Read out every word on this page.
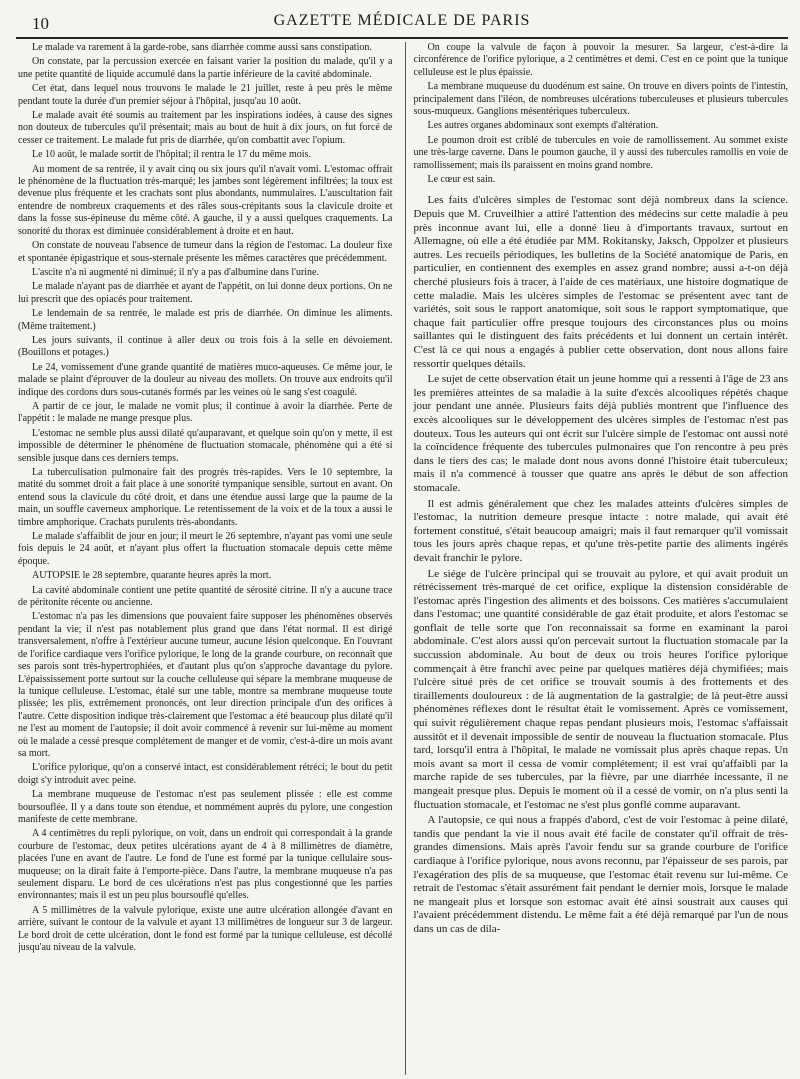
10	GAZETTE MÉDICALE DE PARIS

Le malade va rarement à la garde-robe, sans diarrhée comme aussi sans constipation.

On constate, par la percussion exercée en faisant varier la position du malade, qu'il y a une petite quantité de liquide accumulé dans la partie inférieure de la cavité abdominale.

Cet état, dans lequel nous trouvons le malade le 21 juillet, reste à peu près le même pendant toute la durée d'un premier séjour à l'hôpital, jusqu'au 10 août.

Le malade avait été soumis au traitement par les inspirations iodées, à cause des signes non douteux de tubercules qu'il présentait; mais au bout de huit à dix jours, on fut forcé de cesser ce traitement. Le malade fut pris de diarrhée, qu'on combattit avec l'opium.

Le 10 août, le malade sortit de l'hôpital; il rentra le 17 du même mois.

Au moment de sa rentrée, il y avait cinq ou six jours qu'il n'avait vomi. L'estomac offrait le phénomène de la fluctuation très-marqué; les jambes sont légèrement infiltrées; la toux est devenue plus fréquente et les crachats sont plus abondants, nummulaires. L'auscultation fait entendre de nombreux craquements et des râles sous-crépitants sous la clavicule droite et dans la fosse sus-épineuse du même côté. A gauche, il y a aussi quelques craquements. La sonorité du thorax est diminuée considérablement à droite et en haut.

On constate de nouveau l'absence de tumeur dans la région de l'estomac. La douleur fixe et spontanée épigastrique et sous-sternale présente les mêmes caractères que précédemment.

L'ascite n'a ni augmenté ni diminué; il n'y a pas d'albumine dans l'urine.

Le malade n'ayant pas de diarrhée et ayant de l'appétit, on lui donne deux portions. On ne lui prescrit que des opiacés pour traitement.

Le lendemain de sa rentrée, le malade est pris de diarrhée. On diminue les aliments. (Même traitement.)

Les jours suivants, il continue à aller deux ou trois fois à la selle en dévoiement. (Bouillons et potages.)

Le 24, vomissement d'une grande quantité de matières muco-aqueuses. Ce même jour, le malade se plaint d'éprouver de la douleur au niveau des mollets. On trouve aux endroits qu'il indique des cordons durs sous-cutanés formés par les veines où le sang s'est coagulé.

A partir de ce jour, le malade ne vomit plus; il continue à avoir la diarrhée. Perte de l'appétit : le malade ne mange presque plus.

L'estomac ne semble plus aussi dilaté qu'auparavant, et quelque soin qu'on y mette, il est impossible de déterminer le phénomène de fluctuation stomacale, phénomène qui a été si sensible jusque dans ces derniers temps.

La tuberculisation pulmonaire fait des progrès très-rapides. Vers le 10 septembre, la matité du sommet droit a fait place à une sonorité tympanique sensible, surtout en avant. On entend sous la clavicule du côté droit, et dans une étendue aussi large que la paume de la main, un souffle caverneux amphorique. Le retentissement de la voix et de la toux a aussi le timbre amphorique. Crachats purulents très-abondants.

Le malade s'affaiblit de jour en jour; il meurt le 26 septembre, n'ayant pas vomi une seule fois depuis le 24 août, et n'ayant plus offert la fluctuation stomacale depuis cette même époque.

AUTOPSIE le 28 septembre, quarante heures après la mort.

La cavité abdominale contient une petite quantité de sérosité citrine. Il n'y a aucune trace de péritonite récente ou ancienne.

L'estomac n'a pas les dimensions que pouvaient faire supposer les phénomènes observés pendant la vie; il n'est pas notablement plus grand que dans l'état normal. Il est dirigé transversalement, n'offre à l'extérieur aucune tumeur, aucune lésion quelconque. En l'ouvrant de l'orifice cardiaque vers l'orifice pylorique, le long de la grande courbure, on reconnaît que ses parois sont très-hypertrophiées, et d'autant plus qu'on s'approche davantage du pylore. L'épaississement porte surtout sur la couche celluleuse qui sépare la membrane muqueuse de la tunique celluleuse. L'estomac, étalé sur une table, montre sa membrane muqueuse toute plissée; les plis, extrêmement prononcés, ont leur direction principale d'un des orifices à l'autre. Cette disposition indique très-clairement que l'estomac a été beaucoup plus dilaté qu'il ne l'est au moment de l'autopsie; il doit avoir commencé à revenir sur lui-même au moment où le malade a cessé presque complétement de manger et de vomir, c'est-à-dire un mois avant sa mort.

L'orifice pylorique, qu'on a conservé intact, est considérablement rétréci; le bout du petit doigt s'y introduit avec peine.

La membrane muqueuse de l'estomac n'est pas seulement plissée : elle est comme boursouflée. Il y a dans toute son étendue, et nommément auprès du pylore, une congestion manifeste de cette membrane.

A 4 centimètres du repli pylorique, on voit, dans un endroit qui correspondait à la grande courbure de l'estomac, deux petites ulcérations ayant de 4 à 8 millimètres de diamètre, placées l'une en avant de l'autre. Le fond de l'une est formé par la tunique cellulaire sous-muqueuse; on la dirait faite à l'emporte-pièce. Dans l'autre, la membrane muqueuse n'a pas seulement disparu. Le bord de ces ulcérations n'est pas plus congestionné que les parties environnantes; mais il est un peu plus boursouflé qu'elles.

A 5 millimètres de la valvule pylorique, existe une autre ulcération allongée d'avant en arrière, suivant le contour de la valvule et ayant 13 millimètres de longueur sur 3 de largeur. Le bord droit de cette ulcération, dont le fond est formé par la tunique celluleuse, est décollé jusqu'au niveau de la valvule.

On coupe la valvule de façon à pouvoir la mesurer. Sa largeur, c'est-à-dire la circonférence de l'orifice pylorique, a 2 centimètres et demi. C'est en ce point que la tunique celluleuse est le plus épaissie.

La membrane muqueuse du duodénum est saine. On trouve en divers points de l'intestin, principalement dans l'iléon, de nombreuses ulcérations tuberculeuses et plusieurs tubercules sous-muqueux. Ganglions mésentériques tuberculeux.

Les autres organes abdominaux sont exempts d'altération.

Le poumon droit est criblé de tubercules en voie de ramollissement. Au sommet existe une très-large caverne. Dans le poumon gauche, il y aussi des tubercules ramollis en voie de ramollissement; mais ils paraissent en moins grand nombre.

Le cœur est sain.

Les faits d'ulcères simples de l'estomac sont déjà nombreux dans la science. Depuis que M. Cruveilhier a attiré l'attention des médecins sur cette maladie à peu près inconnue avant lui, elle a donné lieu à d'importants travaux, surtout en Allemagne, où elle a été étudiée par MM. Rokitansky, Jaksch, Oppolzer et plusieurs autres. Les recueils périodiques, les bulletins de la Société anatomique de Paris, en particulier, en contiennent des exemples en assez grand nombre; aussi a-t-on déjà cherché plusieurs fois à tracer, à l'aide de ces matériaux, une histoire dogmatique de cette maladie. Mais les ulcères simples de l'estomac se présentent avec tant de variétés, soit sous le rapport anatomique, soit sous le rapport symptomatique, que chaque fait particulier offre presque toujours des circonstances plus ou moins saillantes qui le distinguent des faits précédents et lui donnent un certain intérêt. C'est là ce qui nous a engagés à publier cette observation, dont nous allons faire ressortir quelques détails.

Le sujet de cette observation était un jeune homme qui a ressenti à l'âge de 23 ans les premières atteintes de sa maladie à la suite d'excès alcooliques répétés chaque jour pendant une année. Plusieurs faits déjà publiés montrent que l'influence des excès alcooliques sur le développement des ulcères simples de l'estomac n'est pas douteux. Tous les auteurs qui ont écrit sur l'ulcère simple de l'estomac ont aussi noté la coïncidence fréquente des tubercules pulmonaires que l'on rencontre à peu près dans le tiers des cas; le malade dont nous avons donné l'histoire était tuberculeux; mais il n'a commencé à tousser que quatre ans après le début de son affection stomacale.

Il est admis généralement que chez les malades atteints d'ulcères simples de l'estomac, la nutrition demeure presque intacte : notre malade, qui avait été fortement constitué, s'était beaucoup amaigri; mais il faut remarquer qu'il vomissait tous les jours après chaque repas, et qu'une très-petite partie des aliments ingérés devait franchir le pylore.

Le siége de l'ulcère principal qui se trouvait au pylore, et qui avait produit un rétrécissement très-marqué de cet orifice, explique la distension considérable de l'estomac après l'ingestion des aliments et des boissons. Ces matières s'accumulaient dans l'estomac; une quantité considérable de gaz était produite, et alors l'estomac se gonflait de telle sorte que l'on reconnaissait sa forme en examinant la paroi abdominale. C'est alors aussi qu'on percevait surtout la fluctuation stomacale par la succussion abdominale. Au bout de deux ou trois heures l'orifice pylorique commençait à être franchi avec peine par quelques matières déjà chymifiées; mais l'ulcère situé près de cet orifice se trouvait soumis à des frottements et des tiraillements douloureux : de là augmentation de la gastralgie; de là peut-être aussi phénomènes réflexes dont le résultat était le vomissement. Après ce vomissement, qui suivit régulièrement chaque repas pendant plusieurs mois, l'estomac s'affaissait aussitôt et il devenait impossible de sentir de nouveau la fluctuation stomacale. Plus tard, lorsqu'il entra à l'hôpital, le malade ne vomissait plus après chaque repas. Un mois avant sa mort il cessa de vomir complétement; il est vrai qu'affaibli par la marche rapide de ses tubercules, par la fièvre, par une diarrhée incessante, il ne mangeait presque plus. Depuis le moment où il a cessé de vomir, on n'a plus senti la fluctuation stomacale, et l'estomac ne s'est plus gonflé comme auparavant.

A l'autopsie, ce qui nous a frappés d'abord, c'est de voir l'estomac à peine dilaté, tandis que pendant la vie il nous avait été facile de constater qu'il offrait de très-grandes dimensions. Mais après l'avoir fendu sur sa grande courbure de l'orifice cardiaque à l'orifice pylorique, nous avons reconnu, par l'épaisseur de ses parois, par l'exagération des plis de sa muqueuse, que l'estomac était revenu sur lui-même. Ce retrait de l'estomac s'était assurément fait pendant le dernier mois, lorsque le malade ne mangeait plus et lorsque son estomac avait été ainsi soustrait aux causes qui l'avaient précédemment distendu. Le même fait a été déjà remarqué par l'un de nous dans un cas de dila-
